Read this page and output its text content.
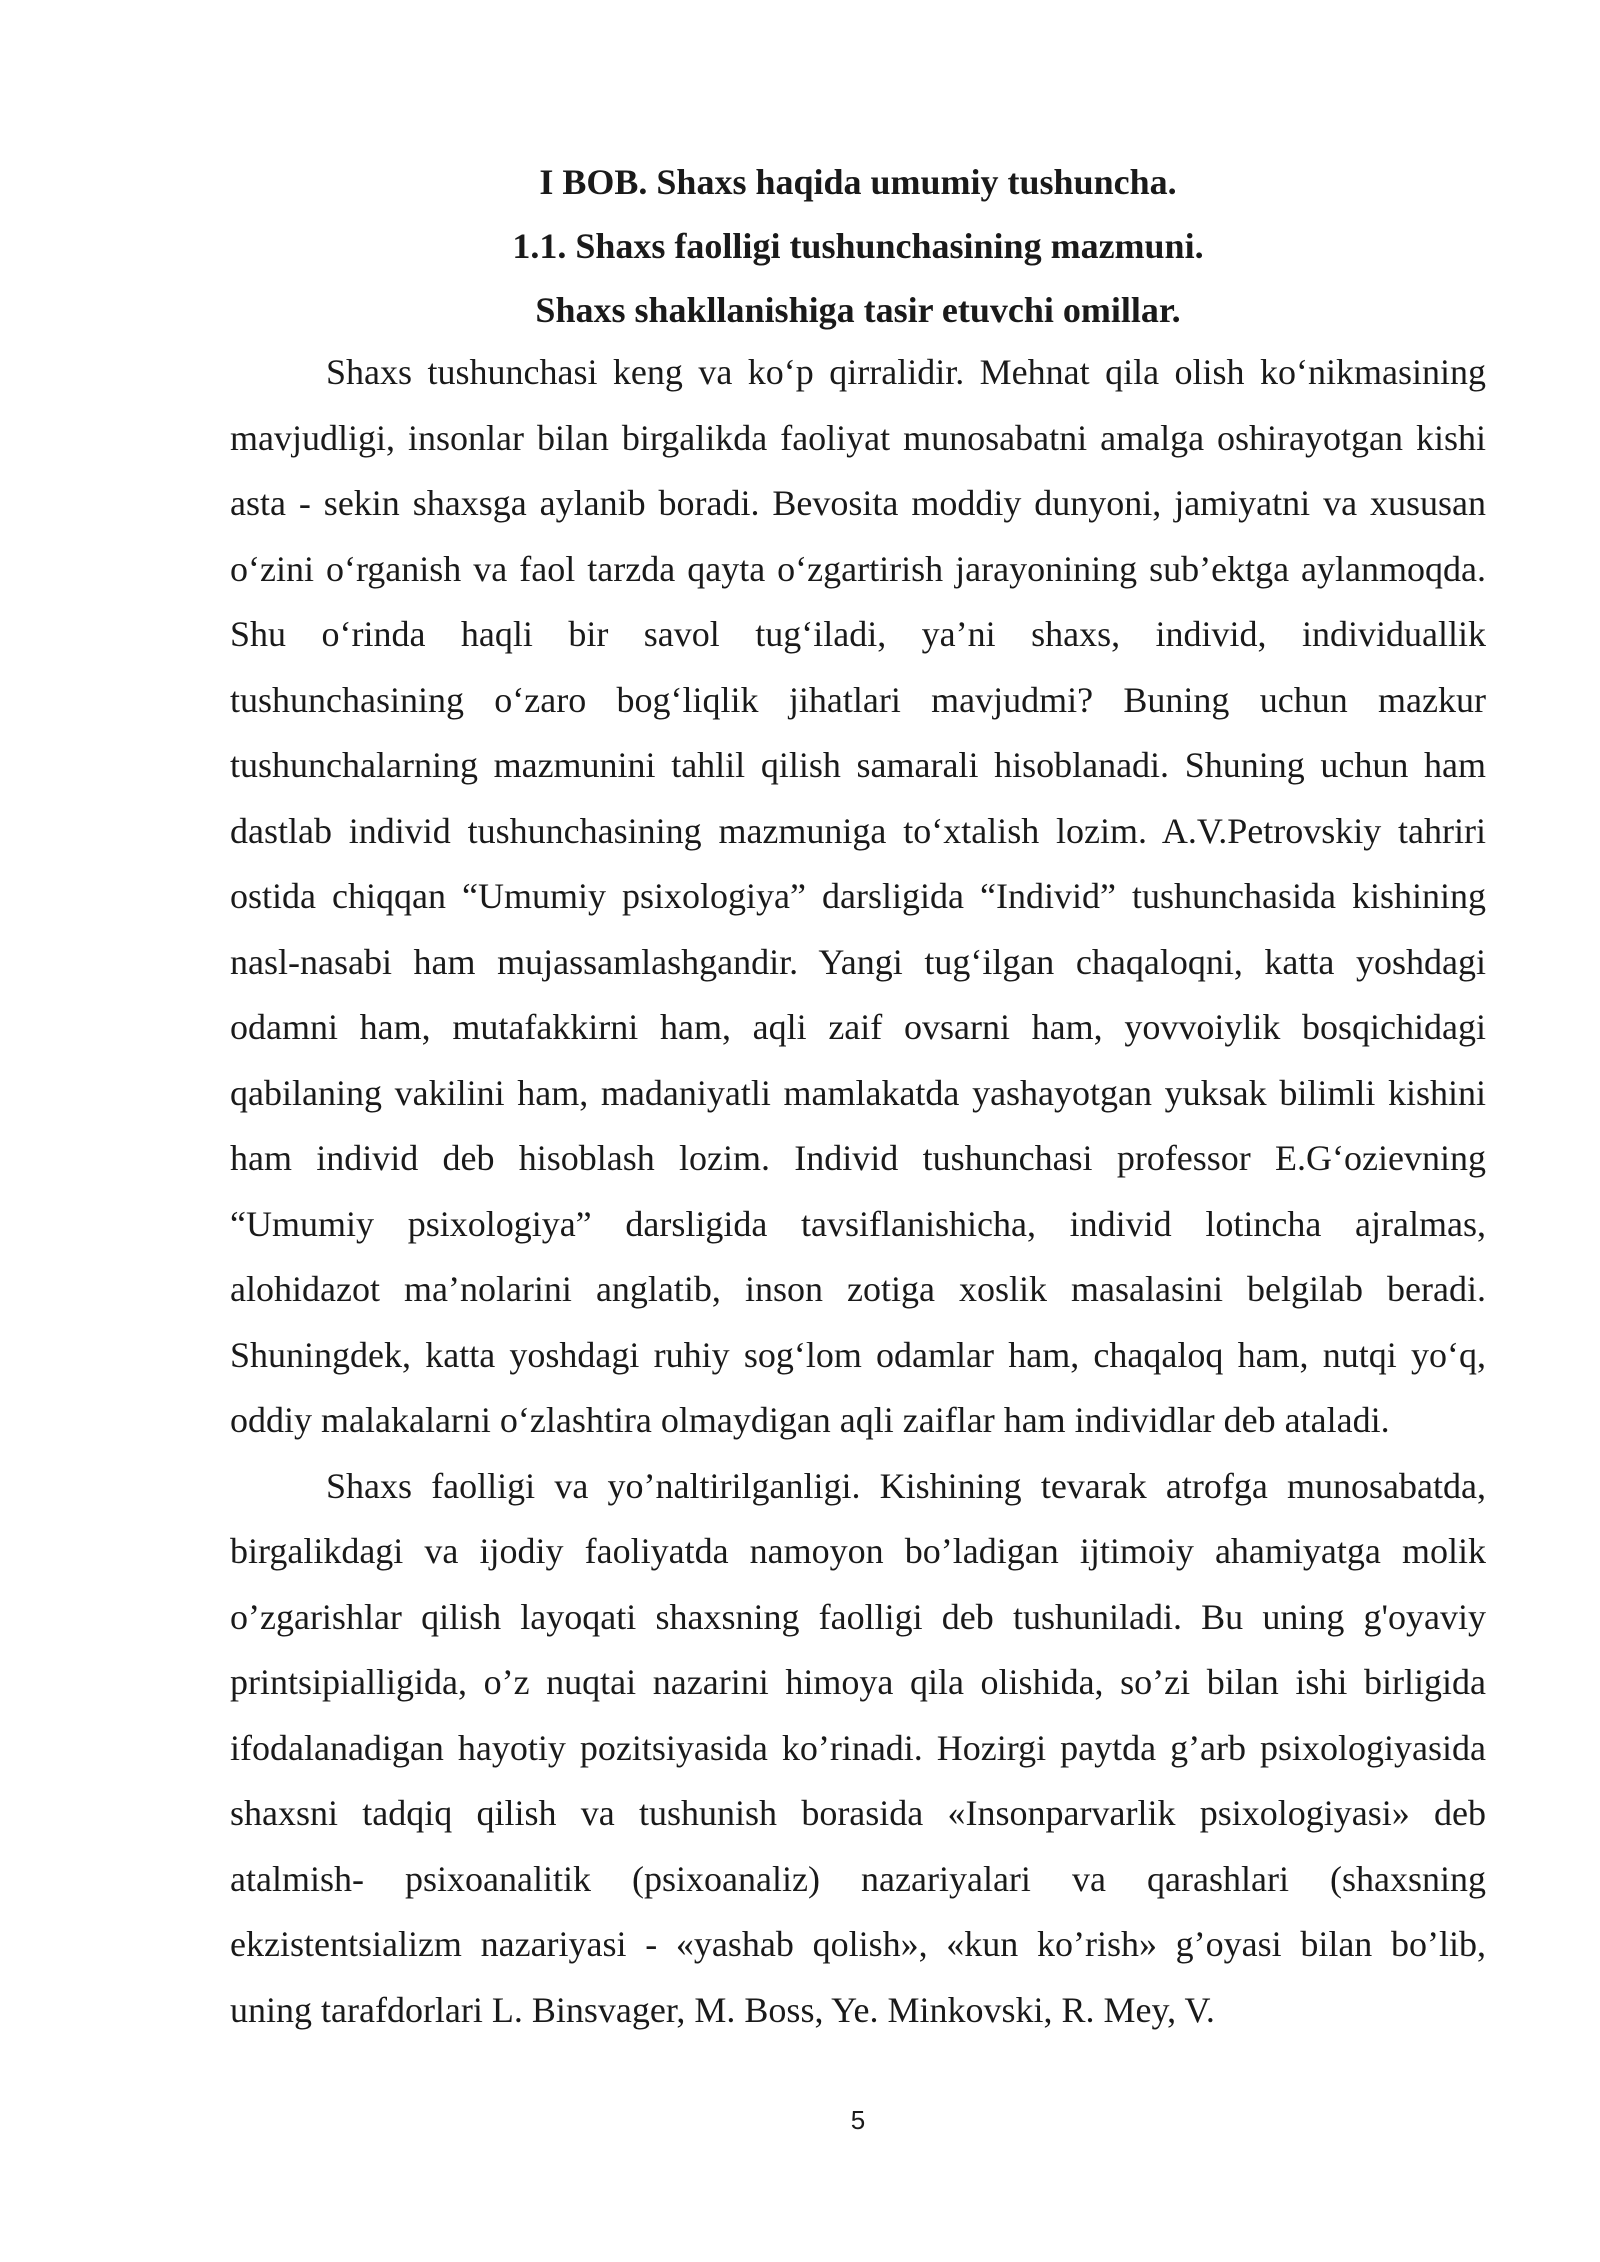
I BOB. Shaxs haqida umumiy tushuncha.

1.1. Shaxs faolligi tushunchasining mazmuni.

Shaxs shakllanishiga tasir etuvchi omillar.

Shaxs tushunchasi keng va koʻp qirralidir. Mehnat qila olish koʻnikmasining mavjudligi, insonlar bilan birgalikda faoliyat munosabatni amalga oshirayotgan kishi asta - sekin shaxsga aylanib boradi. Bevosita moddiy dunyoni, jamiyatni va xususan oʻzini oʻrganish va faol tarzda qayta oʻzgartirish jarayonining sub’ektga aylanmoqda. Shu oʻrinda haqli bir savol tugʻiladi, ya’ni shaxs, individ, individuallik tushunchasining oʻzaro bogʻliqlik jihatlari mavjudmi? Buning uchun mazkur tushunchalarning mazmunini tahlil qilish samarali hisoblanadi. Shuning uchun ham dastlab individ tushunchasining mazmuniga toʻxtalish lozim. A.V.Petrovskiy tahriri ostida chiqqan “Umumiy psixologiya” darsligida “Individ” tushunchasida kishining nasl-nasabi ham mujassamlashgandir. Yangi tugʻilgan chaqaloqni, katta yoshdagi odamni ham, mutafakkirni ham, aqli zaif ovsarni ham, yovvoiylik bosqichidagi qabilaning vakilini ham, madaniyatli mamlakatda yashayotgan yuksak bilimli kishini ham individ deb hisoblash lozim. Individ tushunchasi professor E.Gʻozievning “Umumiy psixologiya” darsligida tavsiflanishicha, individ lotincha ajralmas, alohidazot ma’nolarini anglatib, inson zotiga xoslik masalasini belgilab beradi. Shuningdek, katta yoshdagi ruhiy sogʻlom odamlar ham, chaqaloq ham, nutqi yoʻq, oddiy malakalarni oʻzlashtira olmaydigan aqli zaiflar ham individlar deb ataladi.

Shaxs faolligi va yo’naltirilganligi. Kishining tevarak atrofga munosabatda, birgalikdagi va ijodiy faoliyatda namoyon bo’ladigan ijtimoiy ahamiyatga molik o’zgarishlar qilish layoqati shaxsning faolligi deb tushuniladi. Bu uning g'oyaviy printsipialligida, o’z nuqtai nazarini himoya qila olishida, so’zi bilan ishi birligida ifodalanadigan hayotiy pozitsiyasida ko’rinadi. Hozirgi paytda g’arb psixologiyasida shaxsni tadqiq qilish va tushunish borasida «Insonparvarlik psixologiyasi» deb atalmish- psixoanalitik (psixoanaliz) nazariyalari va qarashlari (shaxsning ekzistentsializm nazariyasi - «yashab qolish», «kun ko’rish» g’oyasi bilan bo’lib, uning tarafdorlari L. Binsvager, M. Boss, Ye. Minkovski, R. Mey, V.

5
